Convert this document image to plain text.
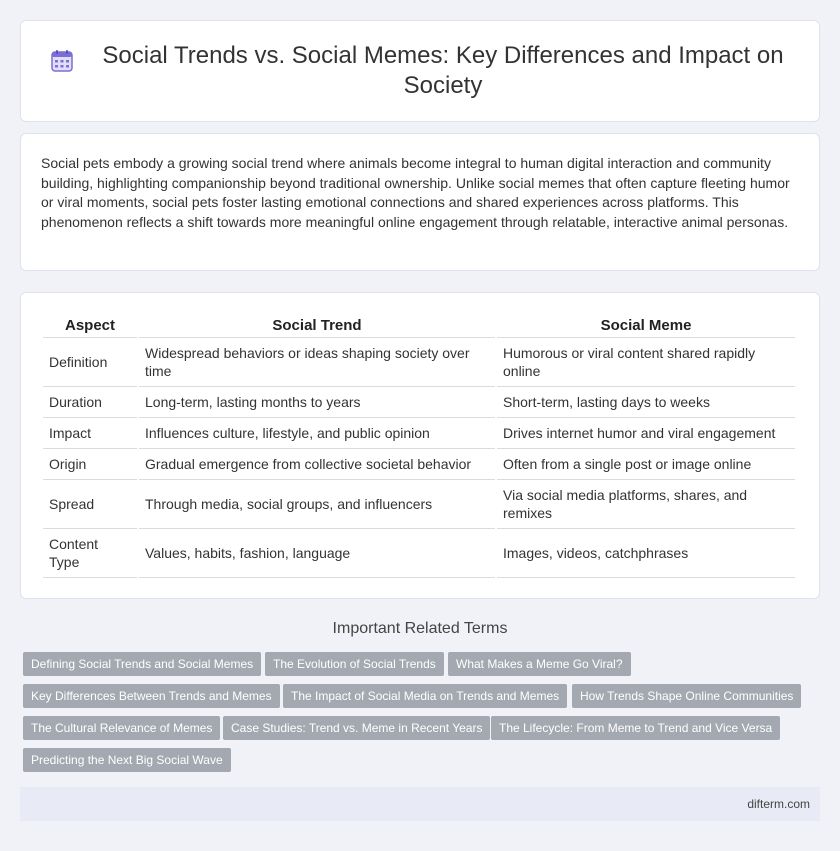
Social Trends vs. Social Memes: Key Differences and Impact on Society

Social pets embody a growing social trend where animals become integral to human digital interaction and community building, highlighting companionship beyond traditional ownership. Unlike social memes that often capture fleeting humor or viral moments, social pets foster lasting emotional connections and shared experiences across platforms. This phenomenon reflects a shift towards more meaningful online engagement through relatable, interactive animal personas.

Aspect	Social Trend	Social Meme
Definition	Widespread behaviors or ideas shaping society over time	Humorous or viral content shared rapidly online
Duration	Long-term, lasting months to years	Short-term, lasting days to weeks
Impact	Influences culture, lifestyle, and public opinion	Drives internet humor and viral engagement
Origin	Gradual emergence from collective societal behavior	Often from a single post or image online
Spread	Through media, social groups, and influencers	Via social media platforms, shares, and remixes
Content Type	Values, habits, fashion, language	Images, videos, catchphrases
Important Related Terms
Defining Social Trends and Social Memes	The Evolution of Social Trends	What Makes a Meme Go Viral?
Key Differences Between Trends and Memes	The Impact of Social Media on Trends and Memes	How Trends Shape Online Communities
The Cultural Relevance of Memes	Case Studies: Trend vs. Meme in Recent Years	The Lifecycle: From Meme to Trend and Vice Versa
Predicting the Next Big Social Wave
difterm.com
